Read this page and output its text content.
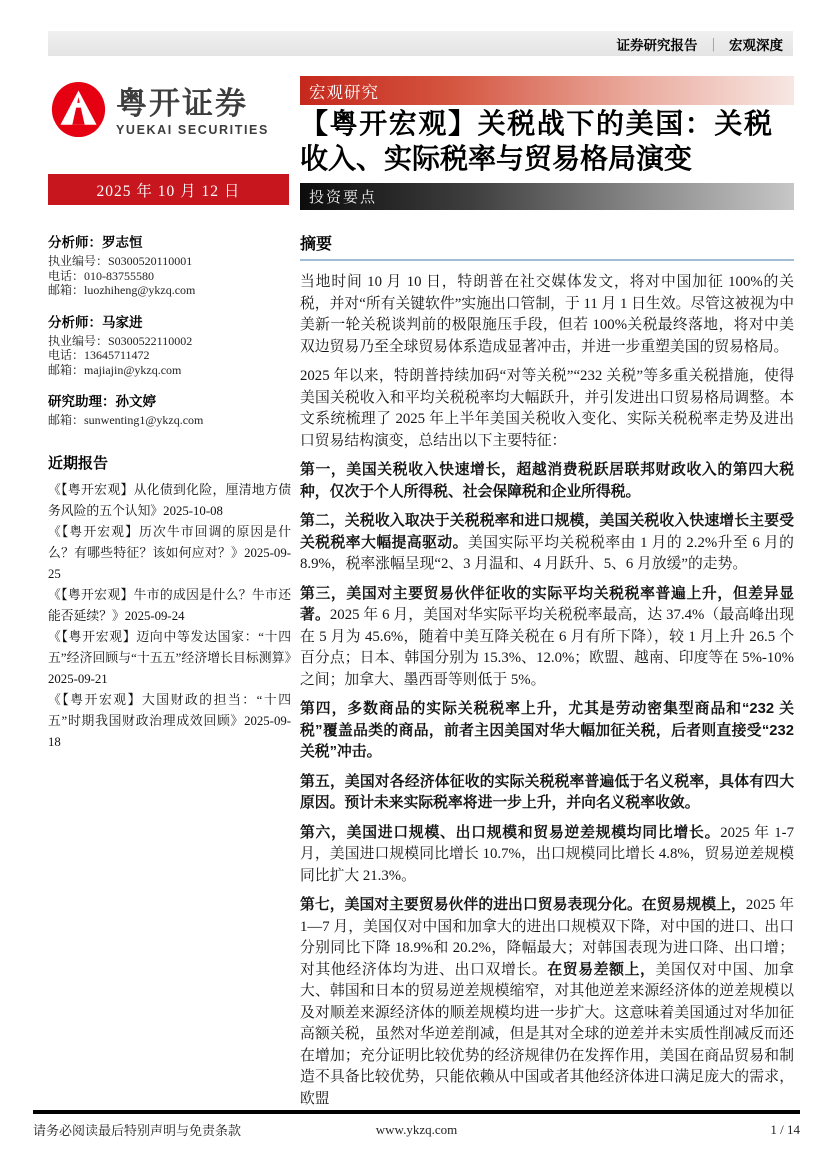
证券研究报告 ｜ 宏观深度
粤开证券
YUEKAI SECURITIES
2025 年 10 月 12 日
分析师：罗志恒
执业编号：S0300520110001
电话：010-83755580
邮箱：luozhiheng@ykzq.com
分析师：马家进
执业编号：S0300522110002
电话：13645711472
邮箱：majiajin@ykzq.com
研究助理：孙文婷
邮箱：sunwenting1@ykzq.com
近期报告
《【粤开宏观】从化债到化险，厘清地方债务风险的五个认知》2025-10-08
《【粤开宏观】历次牛市回调的原因是什么？有哪些特征？该如何应对？》2025-09-25
《【粤开宏观】牛市的成因是什么？牛市还能否延续？》2025-09-24
《【粤开宏观】迈向中等发达国家：“十四五”经济回顾与“十五五”经济增长目标测算》2025-09-21
《【粤开宏观】大国财政的担当：“十四五”时期我国财政治理成效回顾》2025-09-18
宏观研究
【粤开宏观】关税战下的美国：关税收入、实际税率与贸易格局演变
投资要点
摘要

当地时间 10 月 10 日，特朗普在社交媒体发文，将对中国加征 100%的关税，并对“所有关键软件”实施出口管制，于 11 月 1 日生效。尽管这被视为中美新一轮关税谈判前的极限施压手段，但若 100%关税最终落地，将对中美双边贸易乃至全球贸易体系造成显著冲击，并进一步重塑美国的贸易格局。

2025 年以来，特朗普持续加码“对等关税”“232 关税”等多重关税措施，使得美国关税收入和平均关税税率均大幅跃升，并引发进出口贸易格局调整。本文系统梳理了 2025 年上半年美国关税收入变化、实际关税税率走势及进出口贸易结构演变，总结出以下主要特征：

第一，美国关税收入快速增长，超越消费税跃居联邦财政收入的第四大税种，仅次于个人所得税、社会保障税和企业所得税。

第二，关税收入取决于关税税率和进口规模，美国关税收入快速增长主要受关税税率大幅提高驱动。美国实际平均关税税率由 1 月的 2.2%升至 6 月的 8.9%，税率涨幅呈现“2、3 月温和、4 月跃升、5、6 月放缓”的走势。

第三，美国对主要贸易伙伴征收的实际平均关税税率普遍上升，但差异显著。2025 年 6 月，美国对华实际平均关税税率最高，达 37.4%（最高峰出现在 5 月为 45.6%，随着中美互降关税在 6 月有所下降），较 1 月上升 26.5 个百分点；日本、韩国分别为 15.3%、12.0%；欧盟、越南、印度等在 5%-10%之间；加拿大、墨西哥等则低于 5%。

第四，多数商品的实际关税税率上升，尤其是劳动密集型商品和“232 关税”覆盖品类的商品，前者主因美国对华大幅加征关税，后者则直接受“232 关税”冲击。

第五，美国对各经济体征收的实际关税税率普遍低于名义税率，具体有四大原因。预计未来实际税率将进一步上升，并向名义税率收敛。

第六，美国进口规模、出口规模和贸易逆差规模均同比增长。2025 年 1-7 月，美国进口规模同比增长 10.7%，出口规模同比增长 4.8%，贸易逆差规模同比扩大 21.3%。

第七，美国对主要贸易伙伴的进出口贸易表现分化。在贸易规模上，2025 年 1—7 月，美国仅对中国和加拿大的进出口规模双下降，对中国的进口、出口分别同比下降 18.9%和 20.2%，降幅最大；对韩国表现为进口降、出口增；对其他经济体均为进、出口双增长。在贸易差额上，美国仅对中国、加拿大、韩国和日本的贸易逆差规模缩窄，对其他逆差来源经济体的逆差规模以及对顺差来源经济体的顺差规模均进一步扩大。这意味着美国通过对华加征高额关税，虽然对华逆差削减，但是其对全球的逆差并未实质性削减反而还在增加；充分证明比较优势的经济规律仍在发挥作用，美国在商品贸易和制造不具备比较优势，只能依赖从中国或者其他经济体进口满足庞大的需求，欧盟

请务必阅读最后特别声明与免责条款	www.ykzq.com	1 / 14
